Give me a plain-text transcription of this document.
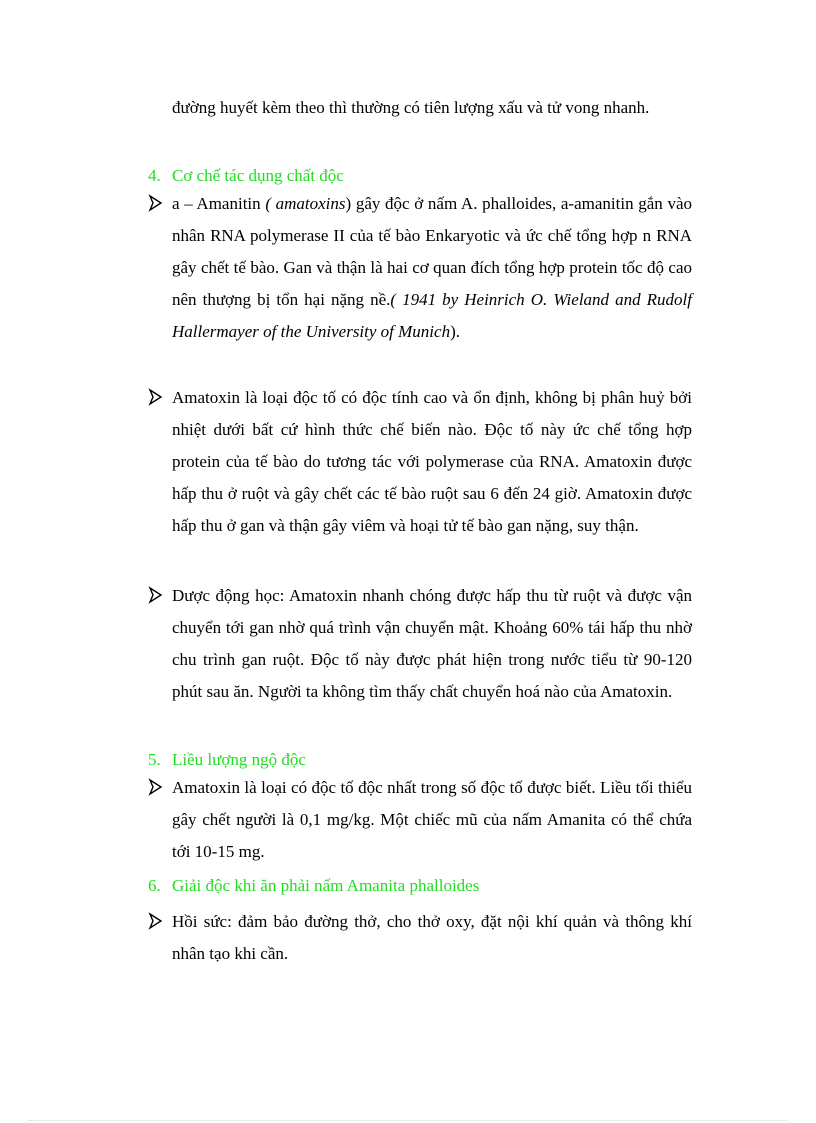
đường huyết kèm theo thì thường có tiên lượng xấu và tử vong nhanh.
4. Cơ chế tác dụng chất độc
a – Amanitin ( amatoxins) gây độc ở nấm A. phalloides, a-amanitin gắn vào nhân RNA polymerase II của tế bào Enkaryotic và ức chế tổng hợp n RNA gây chết tế bào. Gan và thận là hai cơ quan đích tổng hợp protein tốc độ cao nên thượng bị tổn hại nặng nề.( 1941 by Heinrich O. Wieland and Rudolf Hallermayer of the University of Munich).
Amatoxin là loại độc tố có độc tính cao và ổn định, không bị phân huỷ bởi nhiệt dưới bất cứ hình thức chế biến nào. Độc tố này ức chế tổng hợp protein của tế bào do tương tác với polymerase của RNA. Amatoxin được hấp thu ở ruột và gây chết các tế bào ruột sau 6 đến 24 giờ. Amatoxin được hấp thu ở gan và thận gây viêm và hoại tử tế bào gan nặng, suy thận.
Dược động học: Amatoxin nhanh chóng được hấp thu từ ruột và được vận chuyển tới gan nhờ quá trình vận chuyển mật. Khoảng 60% tái hấp thu nhờ chu trình gan ruột. Độc tố này được phát hiện trong nước tiểu từ 90-120 phút sau ăn. Người ta không tìm thấy chất chuyển hoá nào của Amatoxin.
5. Liều lượng ngộ độc
Amatoxin là loại có độc tố độc nhất trong số độc tố được biết. Liều tối thiểu gây chết người là 0,1 mg/kg. Một chiếc mũ của nấm Amanita có thể chứa tới 10-15 mg.
6. Giải độc khi ăn phải nấm Amanita phalloides
Hồi sức: đảm bảo đường thở, cho thở oxy, đặt nội khí quản và thông khí nhân tạo khi cần.
